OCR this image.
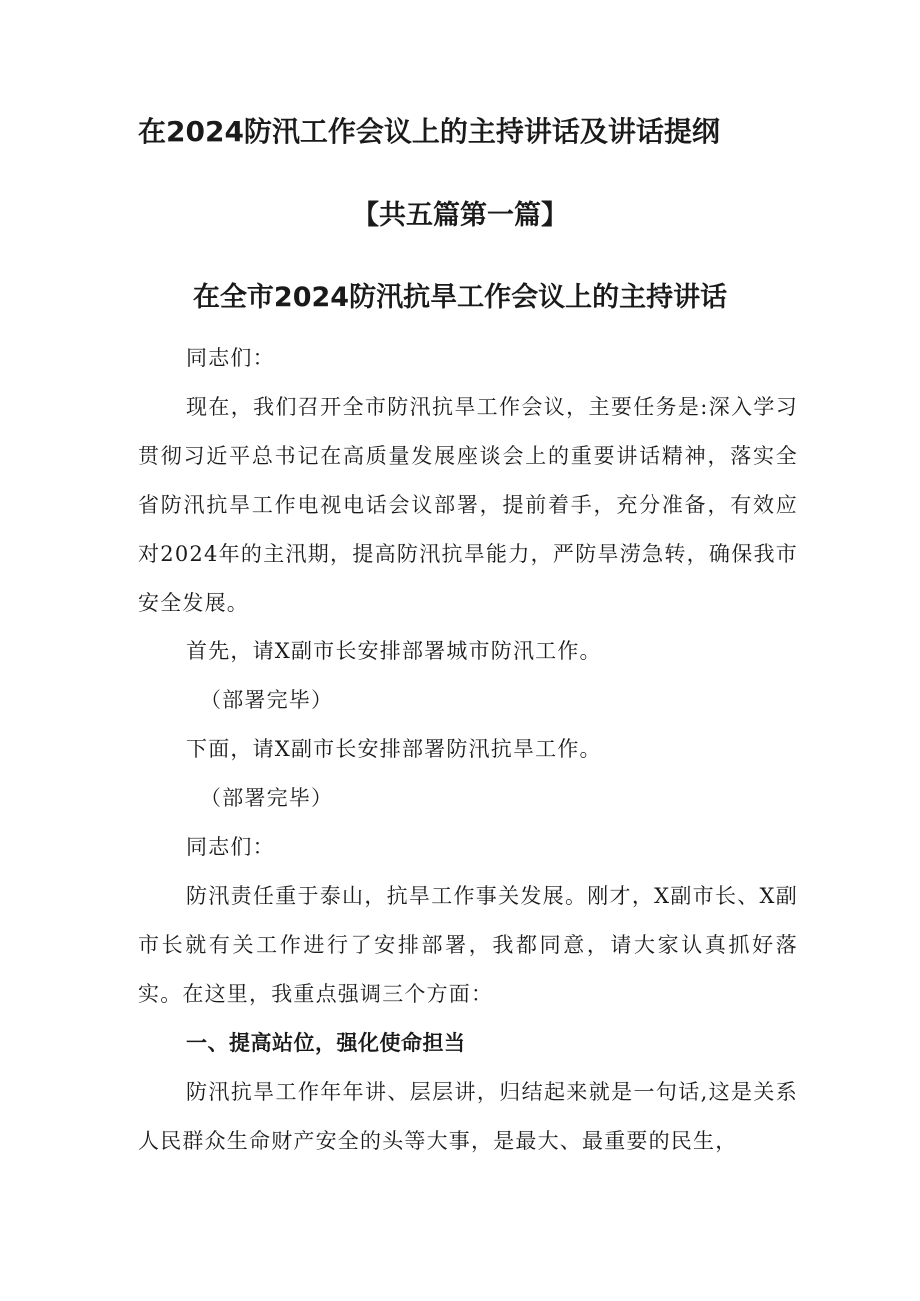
在2024防汛工作会议上的主持讲话及讲话提纲
【共五篇第一篇】
在全市2024防汛抗旱工作会议上的主持讲话

同志们：

现在，我们召开全市防汛抗旱工作会议，主要任务是:深入学习贯彻习近平总书记在高质量发展座谈会上的重要讲话精神，落实全省防汛抗旱工作电视电话会议部署，提前着手，充分准备，有效应对2024年的主汛期，提高防汛抗旱能力，严防旱涝急转，确保我市安全发展。

首先，请X副市长安排部署城市防汛工作。

（部署完毕）

下面，请X副市长安排部署防汛抗旱工作。

（部署完毕）

同志们：

防汛责任重于泰山，抗旱工作事关发展。刚才，X副市长、X副市长就有关工作进行了安排部署，我都同意，请大家认真抓好落实。在这里，我重点强调三个方面：

一、提高站位，强化使命担当

防汛抗旱工作年年讲、层层讲，归结起来就是一句话,这是关系人民群众生命财产安全的头等大事，是最大、最重要的民生，
